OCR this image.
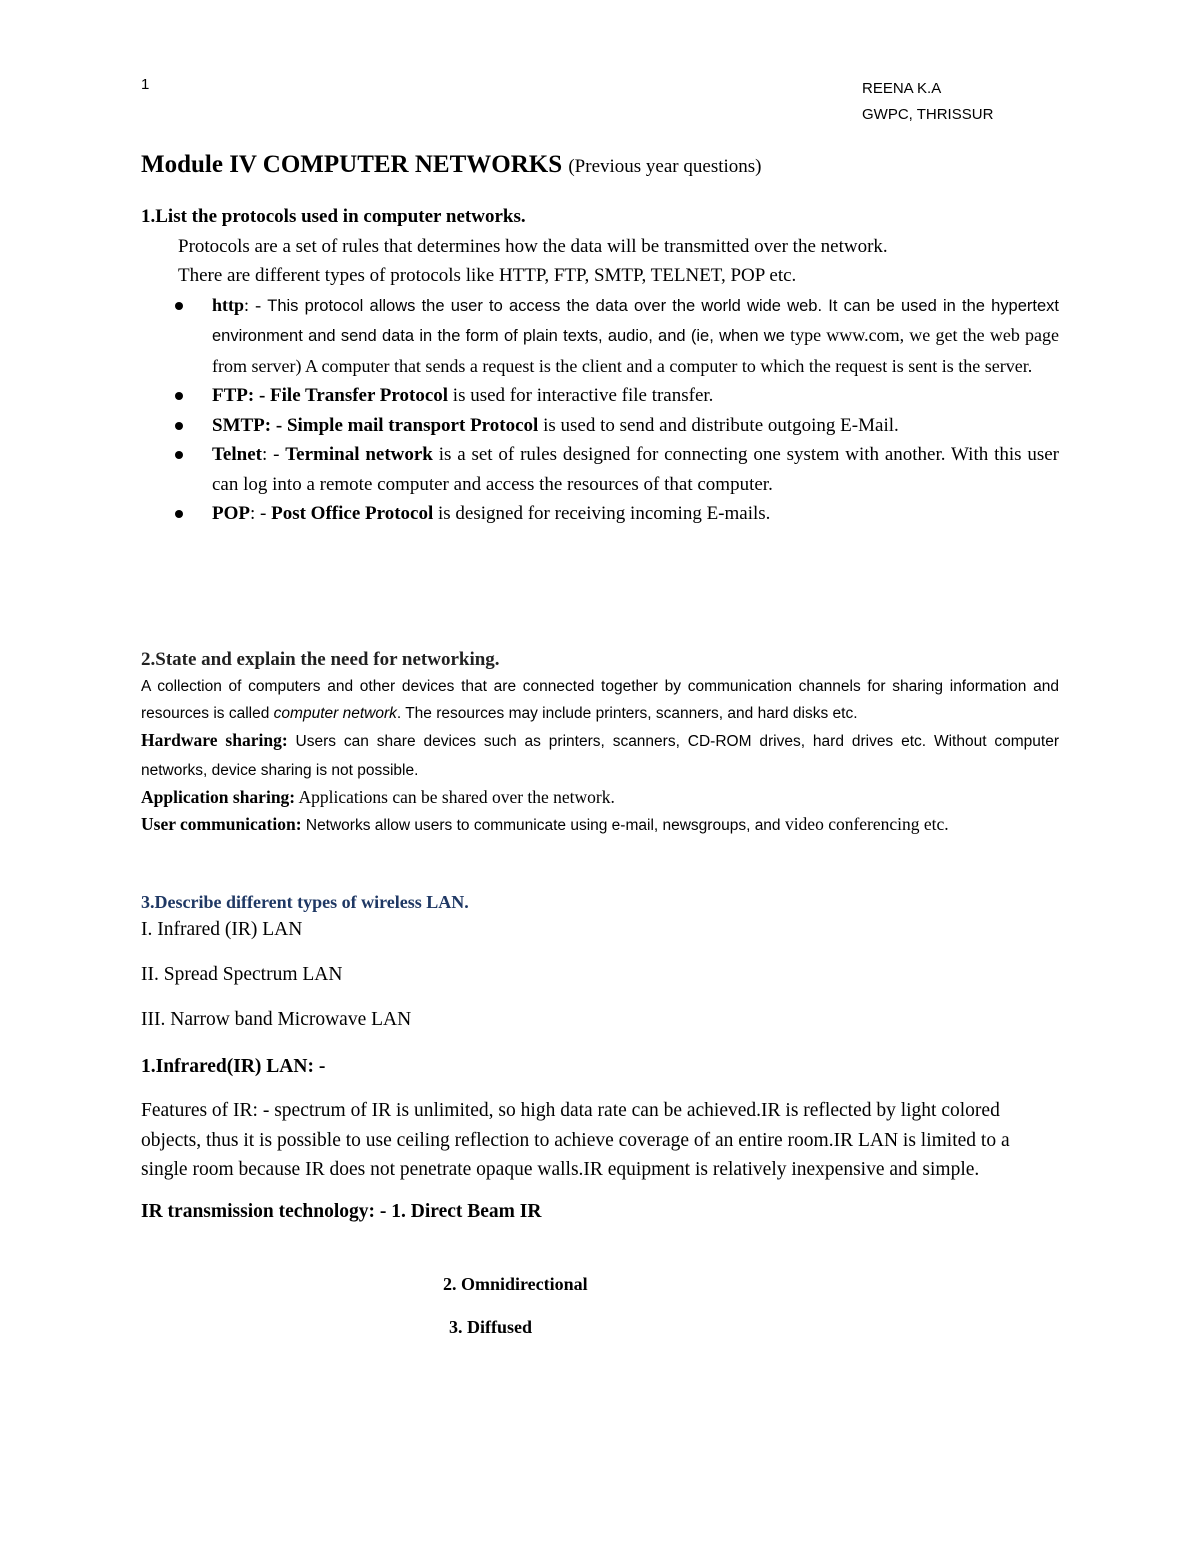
1	REENA K.A
GWPC, THRISSUR
Module IV COMPUTER NETWORKS (Previous year questions)

1.List the protocols used in computer networks.

Protocols are a set of rules that determines how the data will be transmitted over the network.

There are different types of protocols like HTTP, FTP, SMTP, TELNET, POP etc.

http: - This protocol allows the user to access the data over the world wide web. It can be used in the hypertext environment and send data in the form of plain texts, audio, and (ie, when we type www.com, we get the web page from server) A computer that sends a request is the client and a computer to which the request is sent is the server.
FTP: - File Transfer Protocol is used for interactive file transfer.
SMTP: - Simple mail transport Protocol is used to send and distribute outgoing E-Mail.
Telnet: - Terminal network is a set of rules designed for connecting one system with another. With this user can log into a remote computer and access the resources of that computer.
POP: - Post Office Protocol is designed for receiving incoming E-mails.

2.State and explain the need for networking.

A collection of computers and other devices that are connected together by communication channels for sharing information and resources is called computer network. The resources may include printers, scanners, and hard disks etc.

Hardware sharing: Users can share devices such as printers, scanners, CD-ROM drives, hard drives etc. Without computer networks, device sharing is not possible.

Application sharing: Applications can be shared over the network.

User communication: Networks allow users to communicate using e-mail, newsgroups, and video conferencing etc.

3.Describe different types of wireless LAN.

I. Infrared (IR) LAN

II. Spread Spectrum LAN

III. Narrow band Microwave LAN

1.Infrared(IR) LAN: -

Features of IR: - spectrum of IR is unlimited, so high data rate can be achieved.IR is reflected by light colored objects, thus it is possible to use ceiling reflection to achieve coverage of an entire room.IR LAN is limited to a single room because IR does not penetrate opaque walls.IR equipment is relatively inexpensive and simple.

IR transmission technology: - 1. Direct Beam IR
2. Omnidirectional
3. Diffused
